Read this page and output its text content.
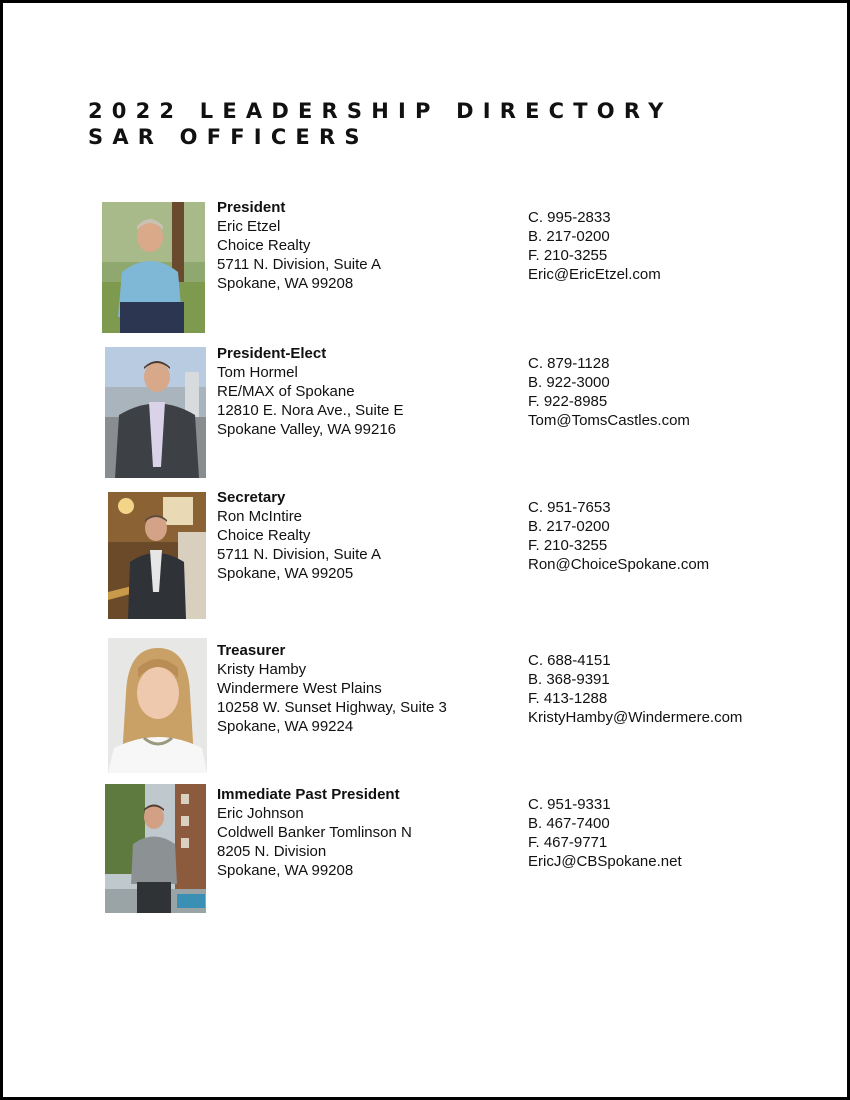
2022 LEADERSHIP DIRECTORY
SAR OFFICERS
President
Eric Etzel
Choice Realty
5711 N. Division, Suite A
Spokane, WA 99208
C. 995-2833
B. 217-0200
F. 210-3255
Eric@EricEtzel.com
President-Elect
Tom Hormel
RE/MAX of Spokane
12810 E. Nora Ave., Suite E
Spokane Valley, WA 99216
C. 879-1128
B. 922-3000
F. 922-8985
Tom@TomsCastles.com
Secretary
Ron McIntire
Choice Realty
5711 N. Division, Suite A
Spokane, WA 99205
C. 951-7653
B. 217-0200
F. 210-3255
Ron@ChoiceSpokane.com
Treasurer
Kristy Hamby
Windermere West Plains
10258 W. Sunset Highway, Suite 3
Spokane, WA 99224
C. 688-4151
B. 368-9391
F. 413-1288
KristyHamby@Windermere.com
Immediate Past President
Eric Johnson
Coldwell Banker Tomlinson N
8205 N. Division
Spokane, WA 99208
C. 951-9331
B. 467-7400
F. 467-9771
EricJ@CBSpokane.net
